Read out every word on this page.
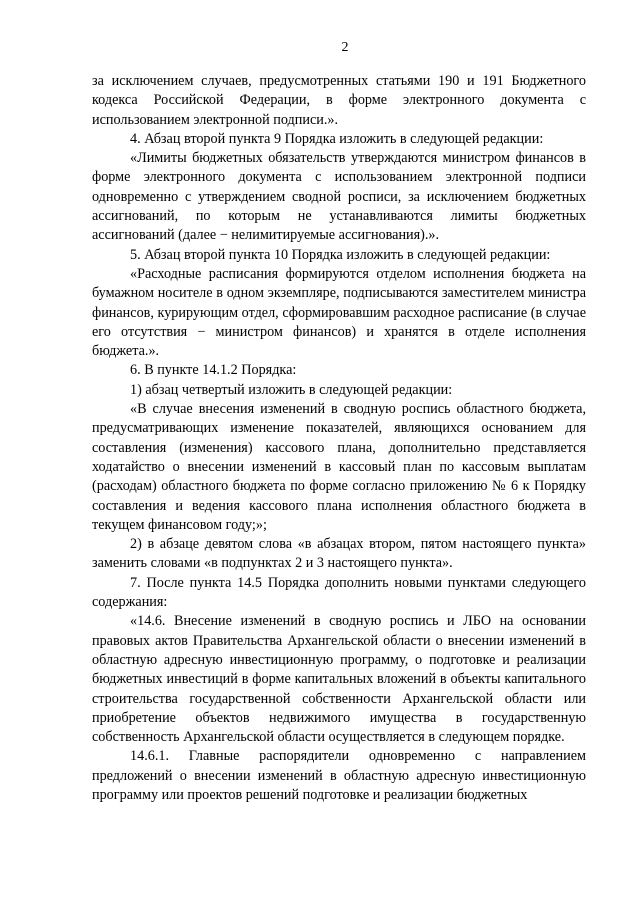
2

за исключением случаев, предусмотренных статьями 190 и 191 Бюджетного кодекса Российской Федерации, в форме электронного документа с использованием электронной подписи.».

4. Абзац второй пункта 9 Порядка изложить в следующей редакции:

«Лимиты бюджетных обязательств утверждаются министром финансов в форме электронного документа с использованием электронной подписи одновременно с утверждением сводной росписи, за исключением бюджетных ассигнований, по которым не устанавливаются лимиты бюджетных ассигнований (далее − нелимитируемые ассигнования).».

5. Абзац второй пункта 10 Порядка изложить в следующей редакции:

«Расходные расписания формируются отделом исполнения бюджета на бумажном носителе в одном экземпляре, подписываются заместителем министра финансов, курирующим отдел, сформировавшим расходное расписание (в случае его отсутствия − министром финансов) и хранятся в отделе исполнения бюджета.».

6. В пункте 14.1.2 Порядка:

1) абзац четвертый изложить в следующей редакции:

«В случае внесения изменений в сводную роспись областного бюджета, предусматривающих изменение показателей, являющихся основанием для составления (изменения) кассового плана, дополнительно представляется ходатайство о внесении изменений в кассовый план по кассовым выплатам (расходам) областного бюджета по форме согласно приложению № 6 к Порядку составления и ведения кассового плана исполнения областного бюджета в текущем финансовом году;»;

2) в абзаце девятом слова «в абзацах втором, пятом настоящего пункта» заменить словами «в подпунктах 2 и 3 настоящего пункта».

7. После пункта 14.5 Порядка дополнить новыми пунктами следующего содержания:

«14.6. Внесение изменений в сводную роспись и ЛБО на основании правовых актов Правительства Архангельской области о внесении изменений в областную адресную инвестиционную программу, о подготовке и реализации бюджетных инвестиций в форме капитальных вложений в объекты капитального строительства государственной собственности Архангельской области или приобретение объектов недвижимого имущества в государственную собственность Архангельской области осуществляется в следующем порядке.

14.6.1. Главные распорядители одновременно с направлением предложений о внесении изменений в областную адресную инвестиционную программу или проектов решений подготовке и реализации бюджетных
